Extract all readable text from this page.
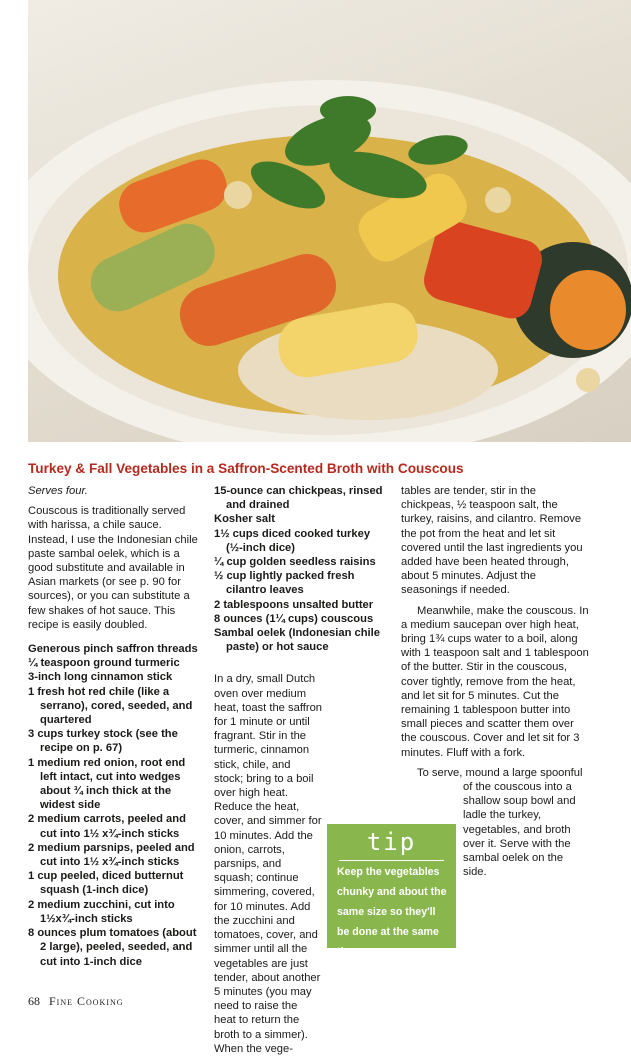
Turkey & Fall Vegetables in a Saffron-Scented Broth with Couscous

Serves four.

Couscous is traditionally served with harissa, a chile sauce. Instead, I use the Indonesian chile paste sambal oelek, which is a good substitute and available in Asian markets (or see p. 90 for sources), or you can substitute a few shakes of hot sauce. This recipe is easily doubled.

Generous pinch saffron threads

¼ teaspoon ground turmeric

3-inch long cinnamon stick

1 fresh hot red chile (like a serrano), cored, seeded, and quartered

3 cups turkey stock (see the recipe on p. 67)

1 medium red onion, root end left intact, cut into wedges about ¾ inch thick at the widest side

2 medium carrots, peeled and cut into 1½ x¾-inch sticks

2 medium parsnips, peeled and cut into 1½ x¾-inch sticks

1 cup peeled, diced butternut squash (1-inch dice)

2 medium zucchini, cut into 1½x¾-inch sticks

8 ounces plum tomatoes (about 2 large), peeled, seeded, and cut into 1-inch dice

15-ounce can chickpeas, rinsed and drained

Kosher salt

1½ cups diced cooked turkey (½-inch dice)

¼ cup golden seedless raisins

½ cup lightly packed fresh cilantro leaves

2 tablespoons unsalted butter

8 ounces (1¼ cups) couscous

Sambal oelek (Indonesian chile paste) or hot sauce

In a dry, small Dutch oven over medium heat, toast the saffron for 1 minute or until fragrant. Stir in the turmeric, cinnamon stick, chile, and stock; bring to a boil over high heat. Reduce the heat, cover, and simmer for 10 minutes. Add the onion, carrots, parsnips, and squash; continue simmering, covered, for 10 minutes. Add the zucchini and tomatoes, cover, and simmer until all the vegetables are just tender, about another 5 minutes (you may need to raise the heat to return the broth to a simmer). When the vege-

tip
Keep the vegetables chunky and about the same size so they'll be done at the same time.

tables are tender, stir in the chickpeas, ½ teaspoon salt, the turkey, raisins, and cilantro. Remove the pot from the heat and let sit covered until the last ingredients you added have been heated through, about 5 minutes. Adjust the seasonings if needed.

Meanwhile, make the couscous. In a medium saucepan over high heat, bring 1¾ cups water to a boil, along with 1 teaspoon salt and 1 tablespoon of the butter. Stir in the couscous, cover tightly, remove from the heat, and let sit for 5 minutes. Cut the remaining 1 tablespoon butter into small pieces and scatter them over the couscous. Cover and let sit for 3 minutes. Fluff with a fork.

To serve, mound a large spoonful of the couscous into a shallow soup bowl and ladle the turkey, vegetables, and broth over it. Serve with the sambal oelek on the side.

68 Fine Cooking
